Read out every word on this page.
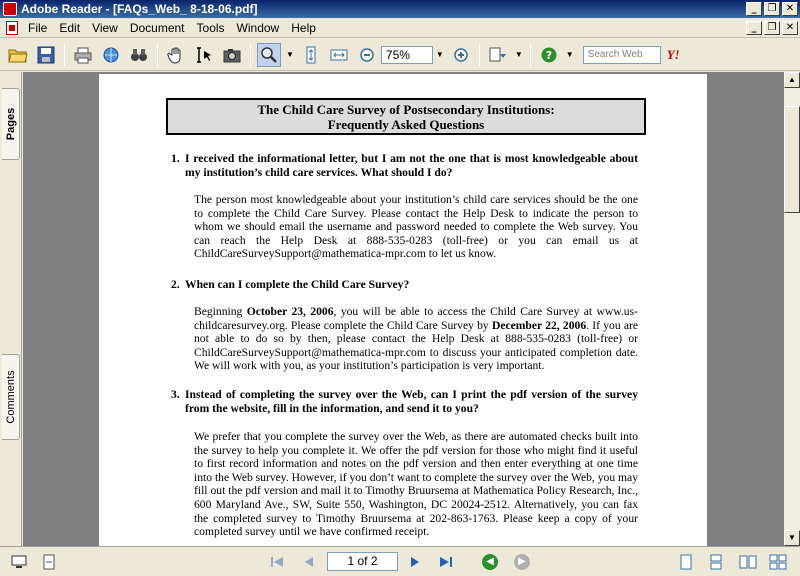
Adobe Reader - [FAQs_Web_ 8-18-06.pdf]	_	❐ ✕
File	Edit	View	Document	Tools	Window	Help	_	❐ ✕
▼	75%	▼	▼ ? ▼	Search Web	Y!
Pages
Comments
The Child Care Survey of Postsecondary Institutions:
Frequently Asked Questions
1. I received the informational letter, but I am not the one that is most knowledgeable about my institution’s child care services. What should I do?
The person most knowledgeable about your institution’s child care services should be the one to complete the Child Care Survey. Please contact the Help Desk to indicate the person to whom we should email the username and password needed to complete the Web survey. You can reach the Help Desk at 888-535-0283 (toll-free) or you can email us at ChildCareSurveySupport@mathematica-mpr.com to let us know.
2. When can I complete the Child Care Survey?
Beginning October 23, 2006, you will be able to access the Child Care Survey at www.us-childcaresurvey.org. Please complete the Child Care Survey by December 22, 2006. If you are not able to do so by then, please contact the Help Desk at 888-535-0283 (toll-free) or ChildCareSurveySupport@mathematica-mpr.com to discuss your anticipated completion date. We will work with you, as your institution’s participation is very important.
3. Instead of completing the survey over the Web, can I print the pdf version of the survey from the website, fill in the information, and send it to you?
We prefer that you complete the survey over the Web, as there are automated checks built into the survey to help you complete it. We offer the pdf version for those who might find it useful to first record information and notes on the pdf version and then enter everything at one time into the Web survey. However, if you don’t want to complete the survey over the Web, you may fill out the pdf version and mail it to Timothy Bruursema at Mathematica Policy Research, Inc., 600 Maryland Ave., SW, Suite 550, Washington, DC 20024-2512. Alternatively, you can fax the completed survey to Timothy Bruursema at 202-863-1763. Please keep a copy of your completed survey until we have confirmed receipt.
▲
▼
1 of 2	◀	▶
